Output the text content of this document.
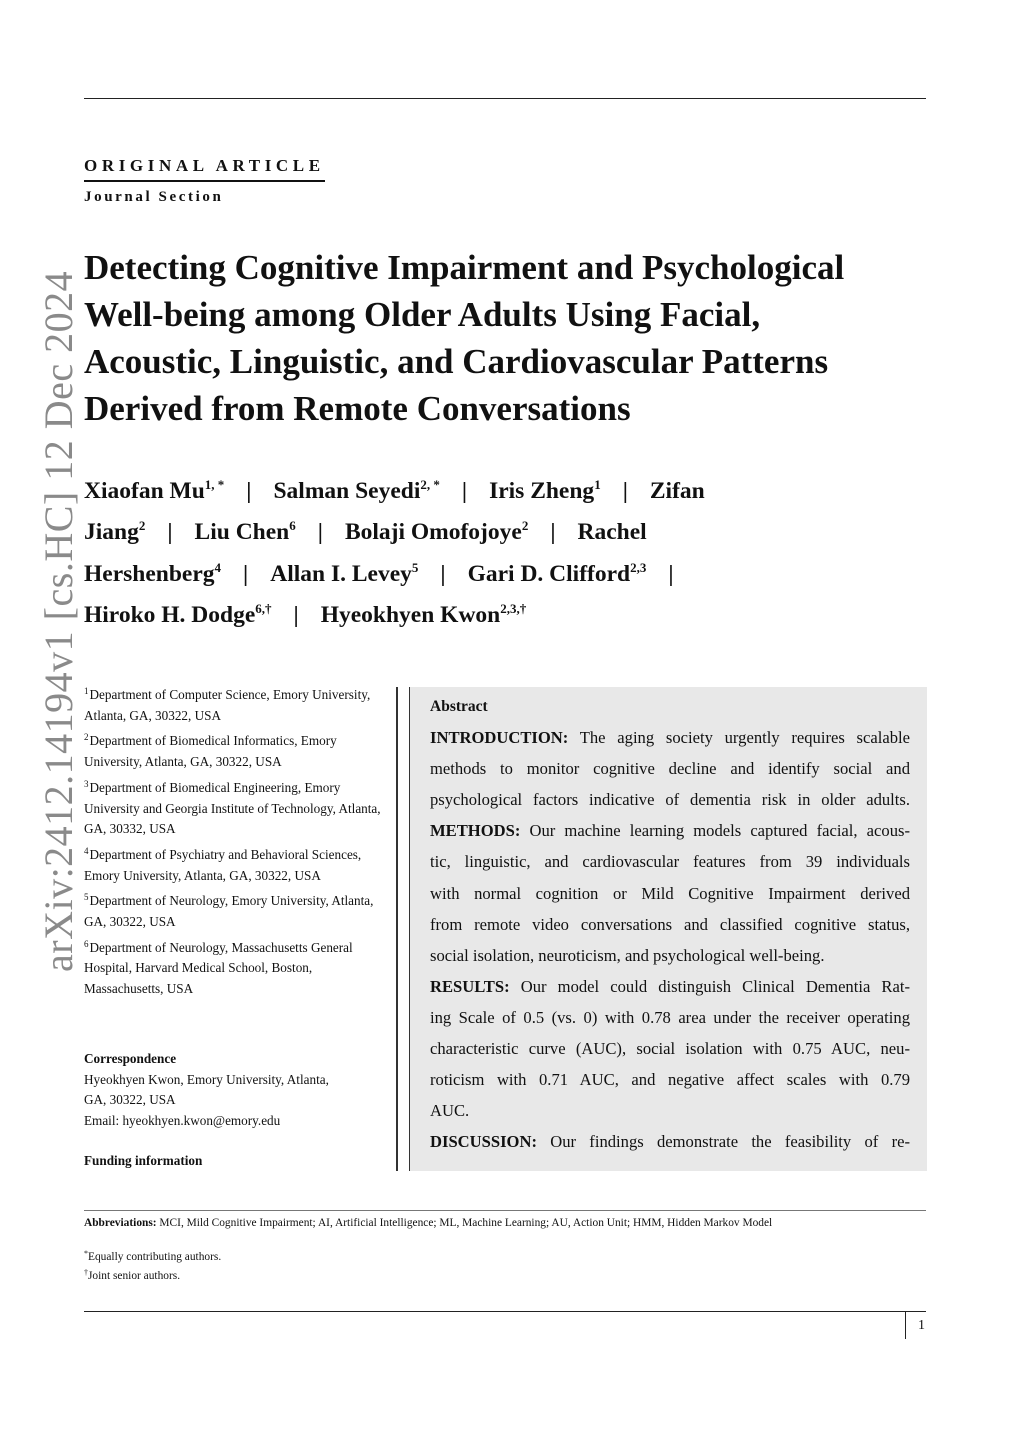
arXiv:2412.14194v1 [cs.HC] 12 Dec 2024
ORIGINAL ARTICLE
Journal Section
Detecting Cognitive Impairment and Psychological
Well-being among Older Adults Using Facial,
Acoustic, Linguistic, and Cardiovascular Patterns
Derived from Remote Conversations
Xiaofan $Mu^{1, *}$ | Salman Seyedi$^{2, *}$ | Iris Zheng$^1$ | Zifan
Jiang$^2$ | Liu Chen$^6$ | Bolaji Omofojoye$^2$ | Rachel
Hershenberg$^4$ | Allan I. Levey$^5$ | Gari D. Clifford$^{2,3}$ |
Hiroko H. Dodge$^{6,\dagger}$ | Hyeokhyen Kwon$^{2,3,\dagger}$
$^1$Department of Computer Science, Emory University, Atlanta, GA, 30322, USA
$^2$Department of Biomedical Informatics, Emory University, Atlanta, GA, 30322, USA
$^3$Department of Biomedical Engineering, Emory University and Georgia Institute of Technology, Atlanta, GA, 30332, USA
$^4$Department of Psychiatry and Behavioral Sciences, Emory University, Atlanta, GA, 30322, USA
$^5$Department of Neurology, Emory University, Atlanta, GA, 30322, USA
$^6$Department of Neurology, Massachusetts General Hospital, Harvard Medical School, Boston, Massachusetts, USA
Correspondence
Hyeokhyen Kwon, Emory University, Atlanta,
GA, 30322, USA
Email: hyeokhyen.kwon@emory.edu
Funding information
Abstract
INTRODUCTION: The aging society urgently requires scalable
methods to monitor cognitive decline and identify social and
psychological factors indicative of dementia risk in older adults.
METHODS: Our machine learning models captured facial, acous-
tic, linguistic, and cardiovascular features from 39 individuals
with normal cognition or Mild Cognitive Impairment derived
from remote video conversations and classified cognitive status,
social isolation, neuroticism, and psychological well-being.
RESULTS: Our model could distinguish Clinical Dementia Rat-
ing Scale of 0.5 (vs. 0) with 0.78 area under the receiver operating
characteristic curve (AUC), social isolation with 0.75 AUC, neu-
roticism with 0.71 AUC, and negative affect scales with 0.79
AUC.
DISCUSSION: Our findings demonstrate the feasibility of re-
Abbreviations: MCI, Mild Cognitive Impairment; AI, Artificial Intelligence; ML, Machine Learning; AU, Action Unit; HMM, Hidden Markov Model
*Equally contributing authors.
†Joint senior authors.
1
